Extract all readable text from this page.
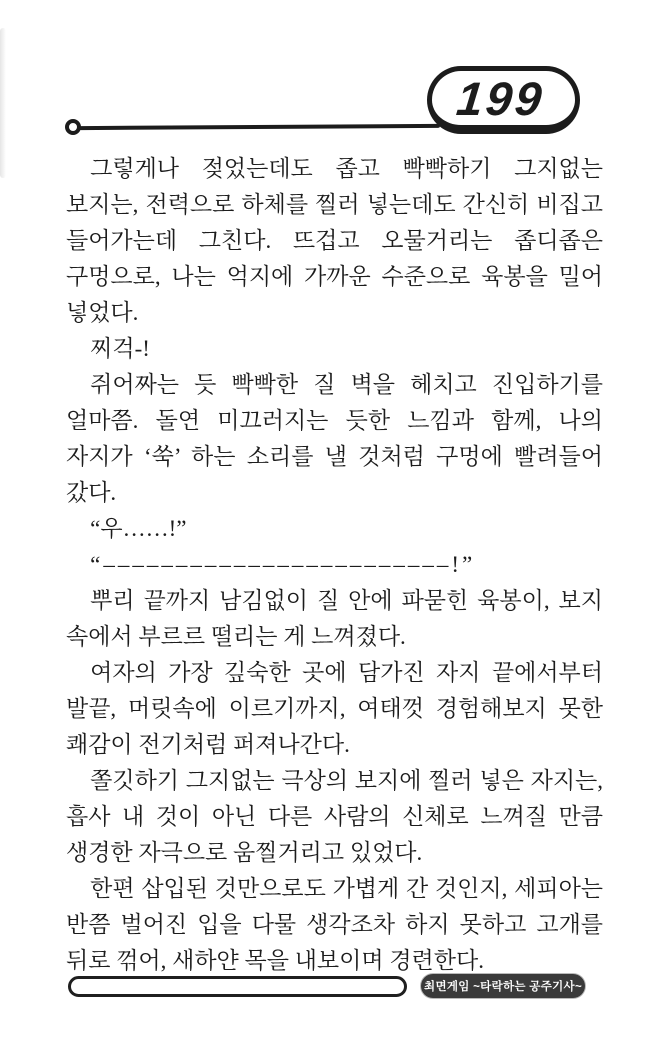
199

그렇게나 젖었는데도 좁고 빡빡하기 그지없는 보지는, 전력으로 하체를 찔러 넣는데도 간신히 비집고 들어가는데 그친다. 뜨겁고 오물거리는 좁디좁은 구멍으로, 나는 억지에 가까운 수준으로 육봉을 밀어 넣었다.

찌걱-!

쥐어짜는 듯 빡빡한 질 벽을 헤치고 진입하기를 얼마쯤. 돌연 미끄러지는 듯한 느낌과 함께, 나의 자지가 ‘쑥’ 하는 소리를 낼 것처럼 구멍에 빨려들어 갔다.

“우……!”

“––––––––––––––––––––––––!”

뿌리 끝까지 남김없이 질 안에 파묻힌 육봉이, 보지 속에서 부르르 떨리는 게 느껴졌다.

여자의 가장 깊숙한 곳에 담가진 자지 끝에서부터 발끝, 머릿속에 이르기까지, 여태껏 경험해보지 못한 쾌감이 전기처럼 퍼져나간다.

쫄깃하기 그지없는 극상의 보지에 찔러 넣은 자지는, 흡사 내 것이 아닌 다른 사람의 신체로 느껴질 만큼 생경한 자극으로 움찔거리고 있었다.

한편 삽입된 것만으로도 가볍게 간 것인지, 세피아는 반쯤 벌어진 입을 다물 생각조차 하지 못하고 고개를 뒤로 꺾어, 새하얀 목을 내보이며 경련한다.

최면게임 ~타락하는 공주기사~
